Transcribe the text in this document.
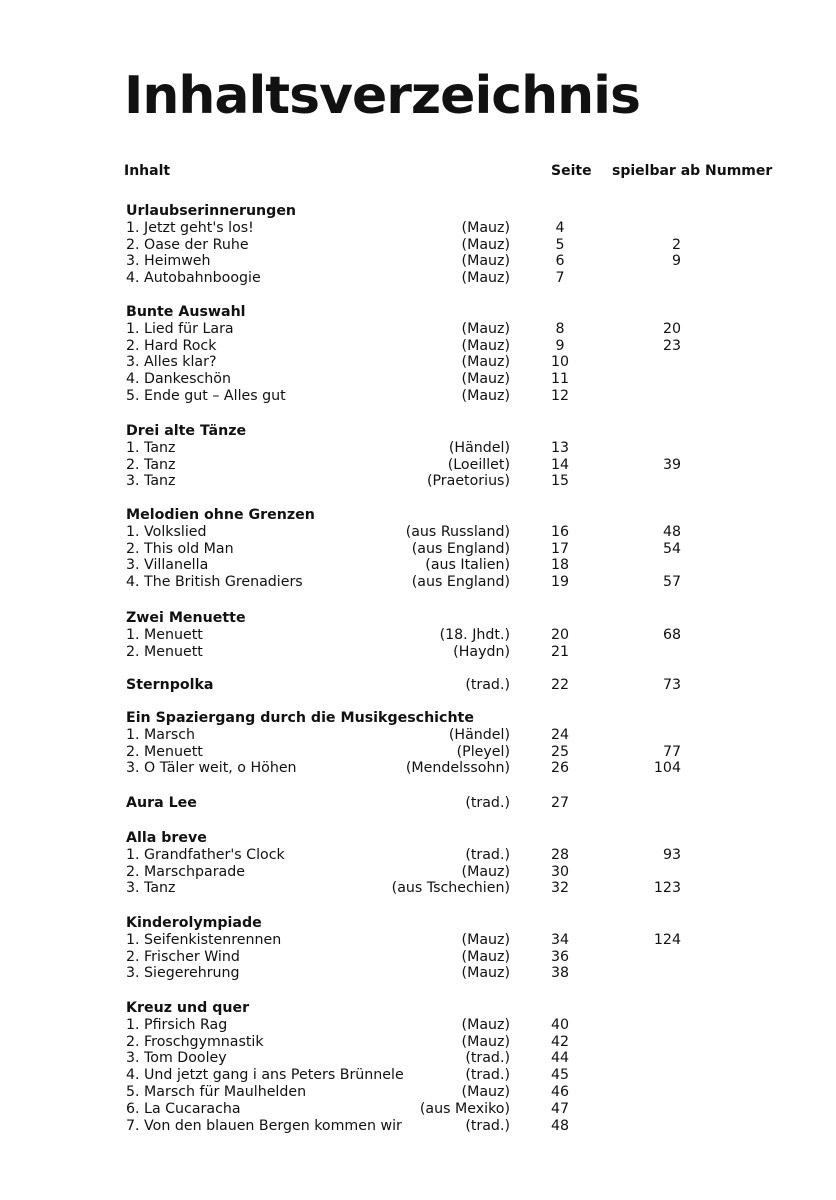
Inhaltsverzeichnis
Inhalt	Seite spielbar ab Nummer
Urlaubserinnerungen
1. Jetzt geht's los!	(Mauz)	4
2. Oase der Ruhe	(Mauz)	5	2
3. Heimweh	(Mauz)	6	9
4. Autobahnboogie	(Mauz)	7
Bunte Auswahl
1. Lied für Lara	(Mauz)	8	20
2. Hard Rock	(Mauz)	9	23
3. Alles klar?	(Mauz)	10
4. Dankeschön	(Mauz)	11
5. Ende gut – Alles gut	(Mauz)	12
Drei alte Tänze
1. Tanz	(Händel)	13
2. Tanz	(Loeillet)	14	39
3. Tanz	(Praetorius)	15
Melodien ohne Grenzen
1. Volkslied	(aus Russland)	16	48
2. This old Man	(aus England)	17	54
3. Villanella	(aus Italien)	18
4. The British Grenadiers	(aus England)	19	57
Zwei Menuette
1. Menuett	(18. Jhdt.)	20	68
2. Menuett	(Haydn)	21
Sternpolka	(trad.)	22	73
Ein Spaziergang durch die Musikgeschichte
1. Marsch	(Händel)	24
2. Menuett	(Pleyel)	25	77
3. O Täler weit, o Höhen	(Mendelssohn)	26	104
Aura Lee	(trad.)	27
Alla breve
1. Grandfather's Clock	(trad.)	28	93
2. Marschparade	(Mauz)	30
3. Tanz	(aus Tschechien)	32	123
Kinderolympiade
1. Seifenkistenrennen	(Mauz)	34	124
2. Frischer Wind	(Mauz)	36
3. Siegerehrung	(Mauz)	38
Kreuz und quer
1. Pfirsich Rag	(Mauz)	40
2. Froschgymnastik	(Mauz)	42
3. Tom Dooley	(trad.)	44
4. Und jetzt gang i ans Peters Brünnele	(trad.)	45
5. Marsch für Maulhelden	(Mauz)	46
6. La Cucaracha	(aus Mexiko)	47
7. Von den blauen Bergen kommen wir	(trad.)	48
